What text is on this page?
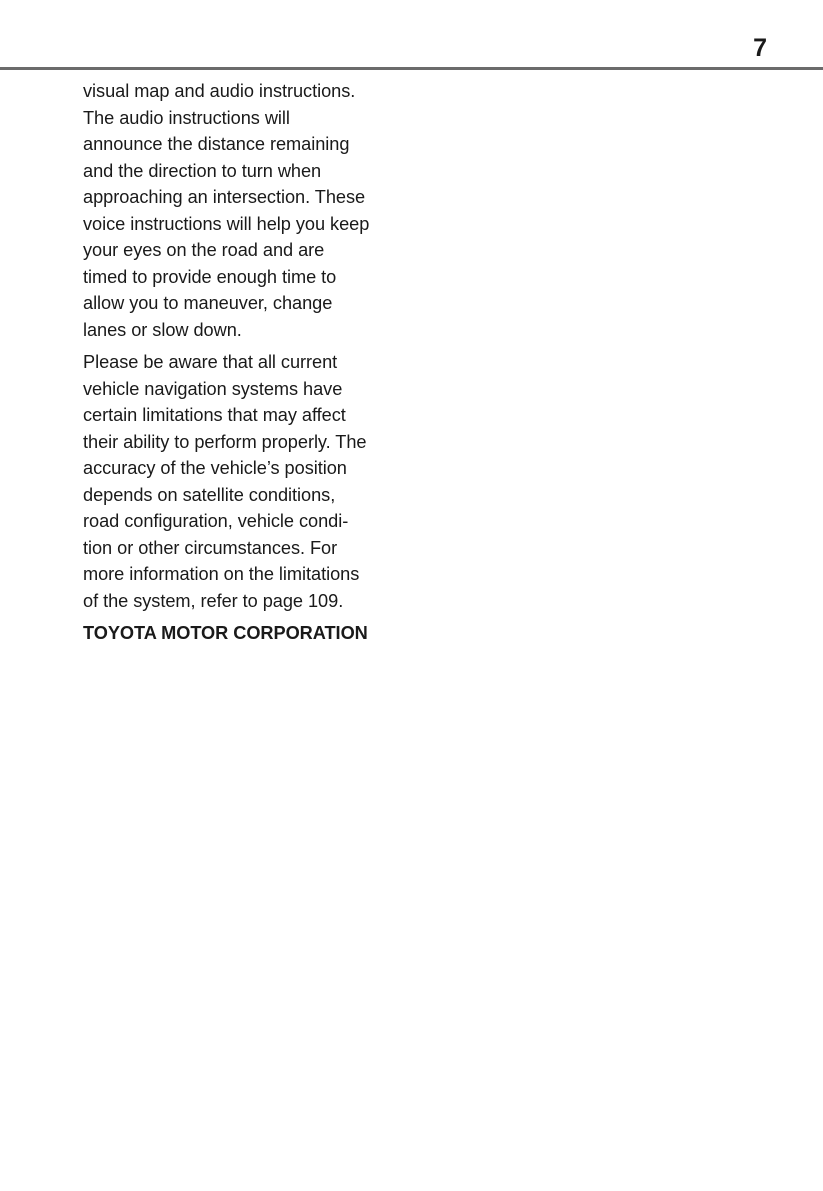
7

visual map and audio instructions.
The audio instructions will
announce the distance remaining
and the direction to turn when
approaching an intersection. These
voice instructions will help you keep
your eyes on the road and are
timed to provide enough time to
allow you to maneuver, change
lanes or slow down.

Please be aware that all current
vehicle navigation systems have
certain limitations that may affect
their ability to perform properly. The
accuracy of the vehicle’s position
depends on satellite conditions,
road configuration, vehicle condi-
tion or other circumstances. For
more information on the limitations
of the system, refer to page 109.

TOYOTA MOTOR CORPORATION
